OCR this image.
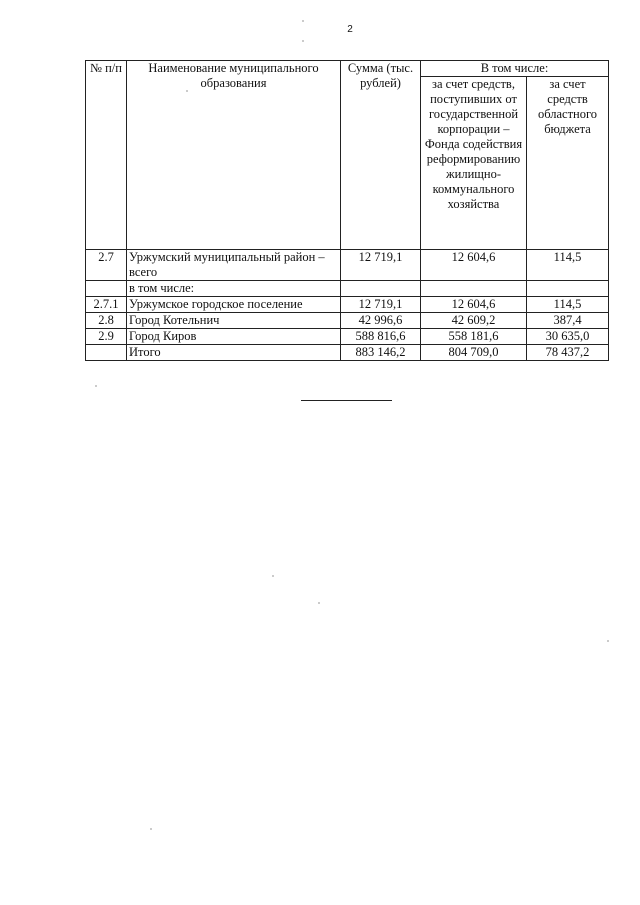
2
№ п/п	Наименование муниципального образования	Сумма (тыс. рублей)	В том числе:	
			за счет средств, поступивших от государственной корпорации – Фонда содействия реформированию жилищно-коммунального хозяйства	за счет средств областного бюджета
2.7	Уржумский муниципальный район – всего	12 719,1	12 604,6	114,5
	в том числе:			
2.7.1	Уржумское городское поселение	12 719,1	12 604,6	114,5
2.8	Город Котельнич	42 996,6	42 609,2	387,4
2.9	Город Киров	588 816,6	558 181,6	30 635,0
	Итого	883 146,2	804 709,0	78 437,2
